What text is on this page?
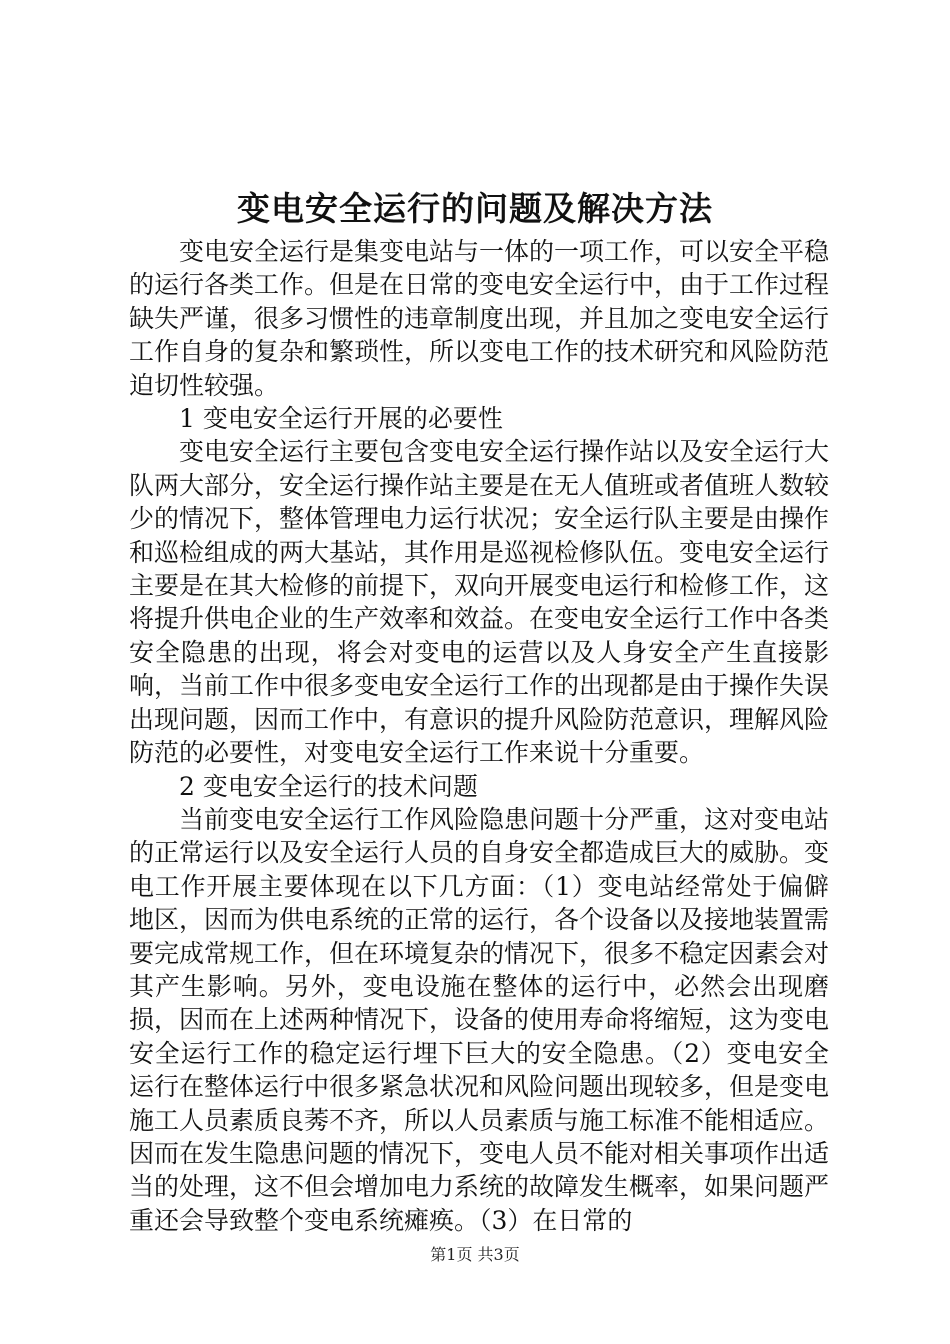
变电安全运行的问题及解决方法

变电安全运行是集变电站与一体的一项工作，可以安全平稳的运行各类工作。但是在日常的变电安全运行中，由于工作过程缺失严谨，很多习惯性的违章制度出现，并且加之变电安全运行工作自身的复杂和繁琐性，所以变电工作的技术研究和风险防范迫切性较强。

1 变电安全运行开展的必要性

变电安全运行主要包含变电安全运行操作站以及安全运行大队两大部分，安全运行操作站主要是在无人值班或者值班人数较少的情况下，整体管理电力运行状况；安全运行队主要是由操作和巡检组成的两大基站，其作用是巡视检修队伍。变电安全运行主要是在其大检修的前提下，双向开展变电运行和检修工作，这将提升供电企业的生产效率和效益。在变电安全运行工作中各类安全隐患的出现，将会对变电的运营以及人身安全产生直接影响，当前工作中很多变电安全运行工作的出现都是由于操作失误出现问题，因而工作中，有意识的提升风险防范意识，理解风险防范的必要性，对变电安全运行工作来说十分重要。

2 变电安全运行的技术问题

当前变电安全运行工作风险隐患问题十分严重，这对变电站的正常运行以及安全运行人员的自身安全都造成巨大的威胁。变电工作开展主要体现在以下几方面：（1）变电站经常处于偏僻地区，因而为供电系统的正常的运行，各个设备以及接地装置需要完成常规工作，但在环境复杂的情况下，很多不稳定因素会对其产生影响。另外，变电设施在整体的运行中，必然会出现磨损，因而在上述两种情况下，设备的使用寿命将缩短，这为变电安全运行工作的稳定运行埋下巨大的安全隐患。（2）变电安全运行在整体运行中很多紧急状况和风险问题出现较多，但是变电施工人员素质良莠不齐，所以人员素质与施工标准不能相适应。因而在发生隐患问题的情况下，变电人员不能对相关事项作出适当的处理，这不但会增加电力系统的故障发生概率，如果问题严重还会导致整个变电系统瘫痪。（3）在日常的

第1页 共3页
